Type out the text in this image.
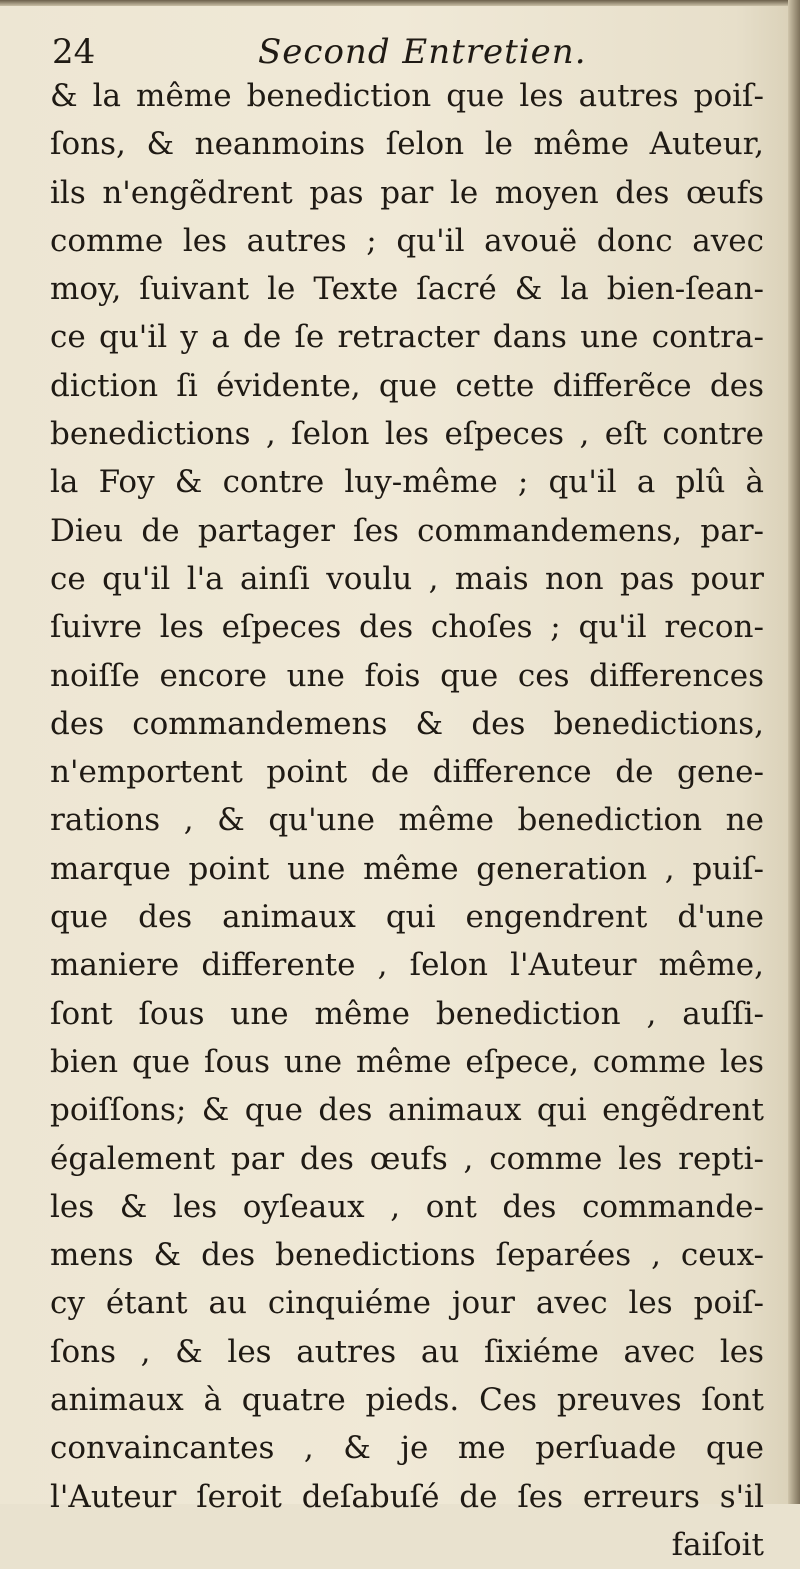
24	Second Entretien.
& la même benediction que les autres poiſ-
ſons, & neanmoins ſelon le même Auteur,
ils n'engẽdrent pas par le moyen des œufs
comme les autres ; qu'il avouë donc avec
moy, ſuivant le Texte ſacré & la bien-ſean-
ce qu'il y a de ſe retracter dans une contra-
diction ſi évidente, que cette differẽce des
benedictions , ſelon les eſpeces , eſt contre
la Foy & contre luy-même ; qu'il a plû à
Dieu de partager ſes commandemens, par-
ce qu'il l'a ainſi voulu , mais non pas pour
ſuivre les eſpeces des choſes ; qu'il recon-
noiſſe encore une fois que ces differences
des commandemens & des benedictions,
n'emportent point de difference de gene-
rations , & qu'une même benediction ne
marque point une même generation , puiſ-
que des animaux qui engendrent d'une
maniere differente , ſelon l'Auteur même,
ſont ſous une même benediction , auſſi-
bien que ſous une même eſpece, comme les
poiſſons; & que des animaux qui engẽdrent
également par des œufs , comme les repti-
les & les oyſeaux , ont des commande-
mens & des benedictions ſeparées , ceux-
cy étant au cinquiéme jour avec les poiſ-
ſons , & les autres au ſixiéme avec les
animaux à quatre pieds. Ces preuves ſont
convaincantes , & je me perſuade que
l'Auteur ſeroit deſabuſé de ſes erreurs s'il
faiſoit
